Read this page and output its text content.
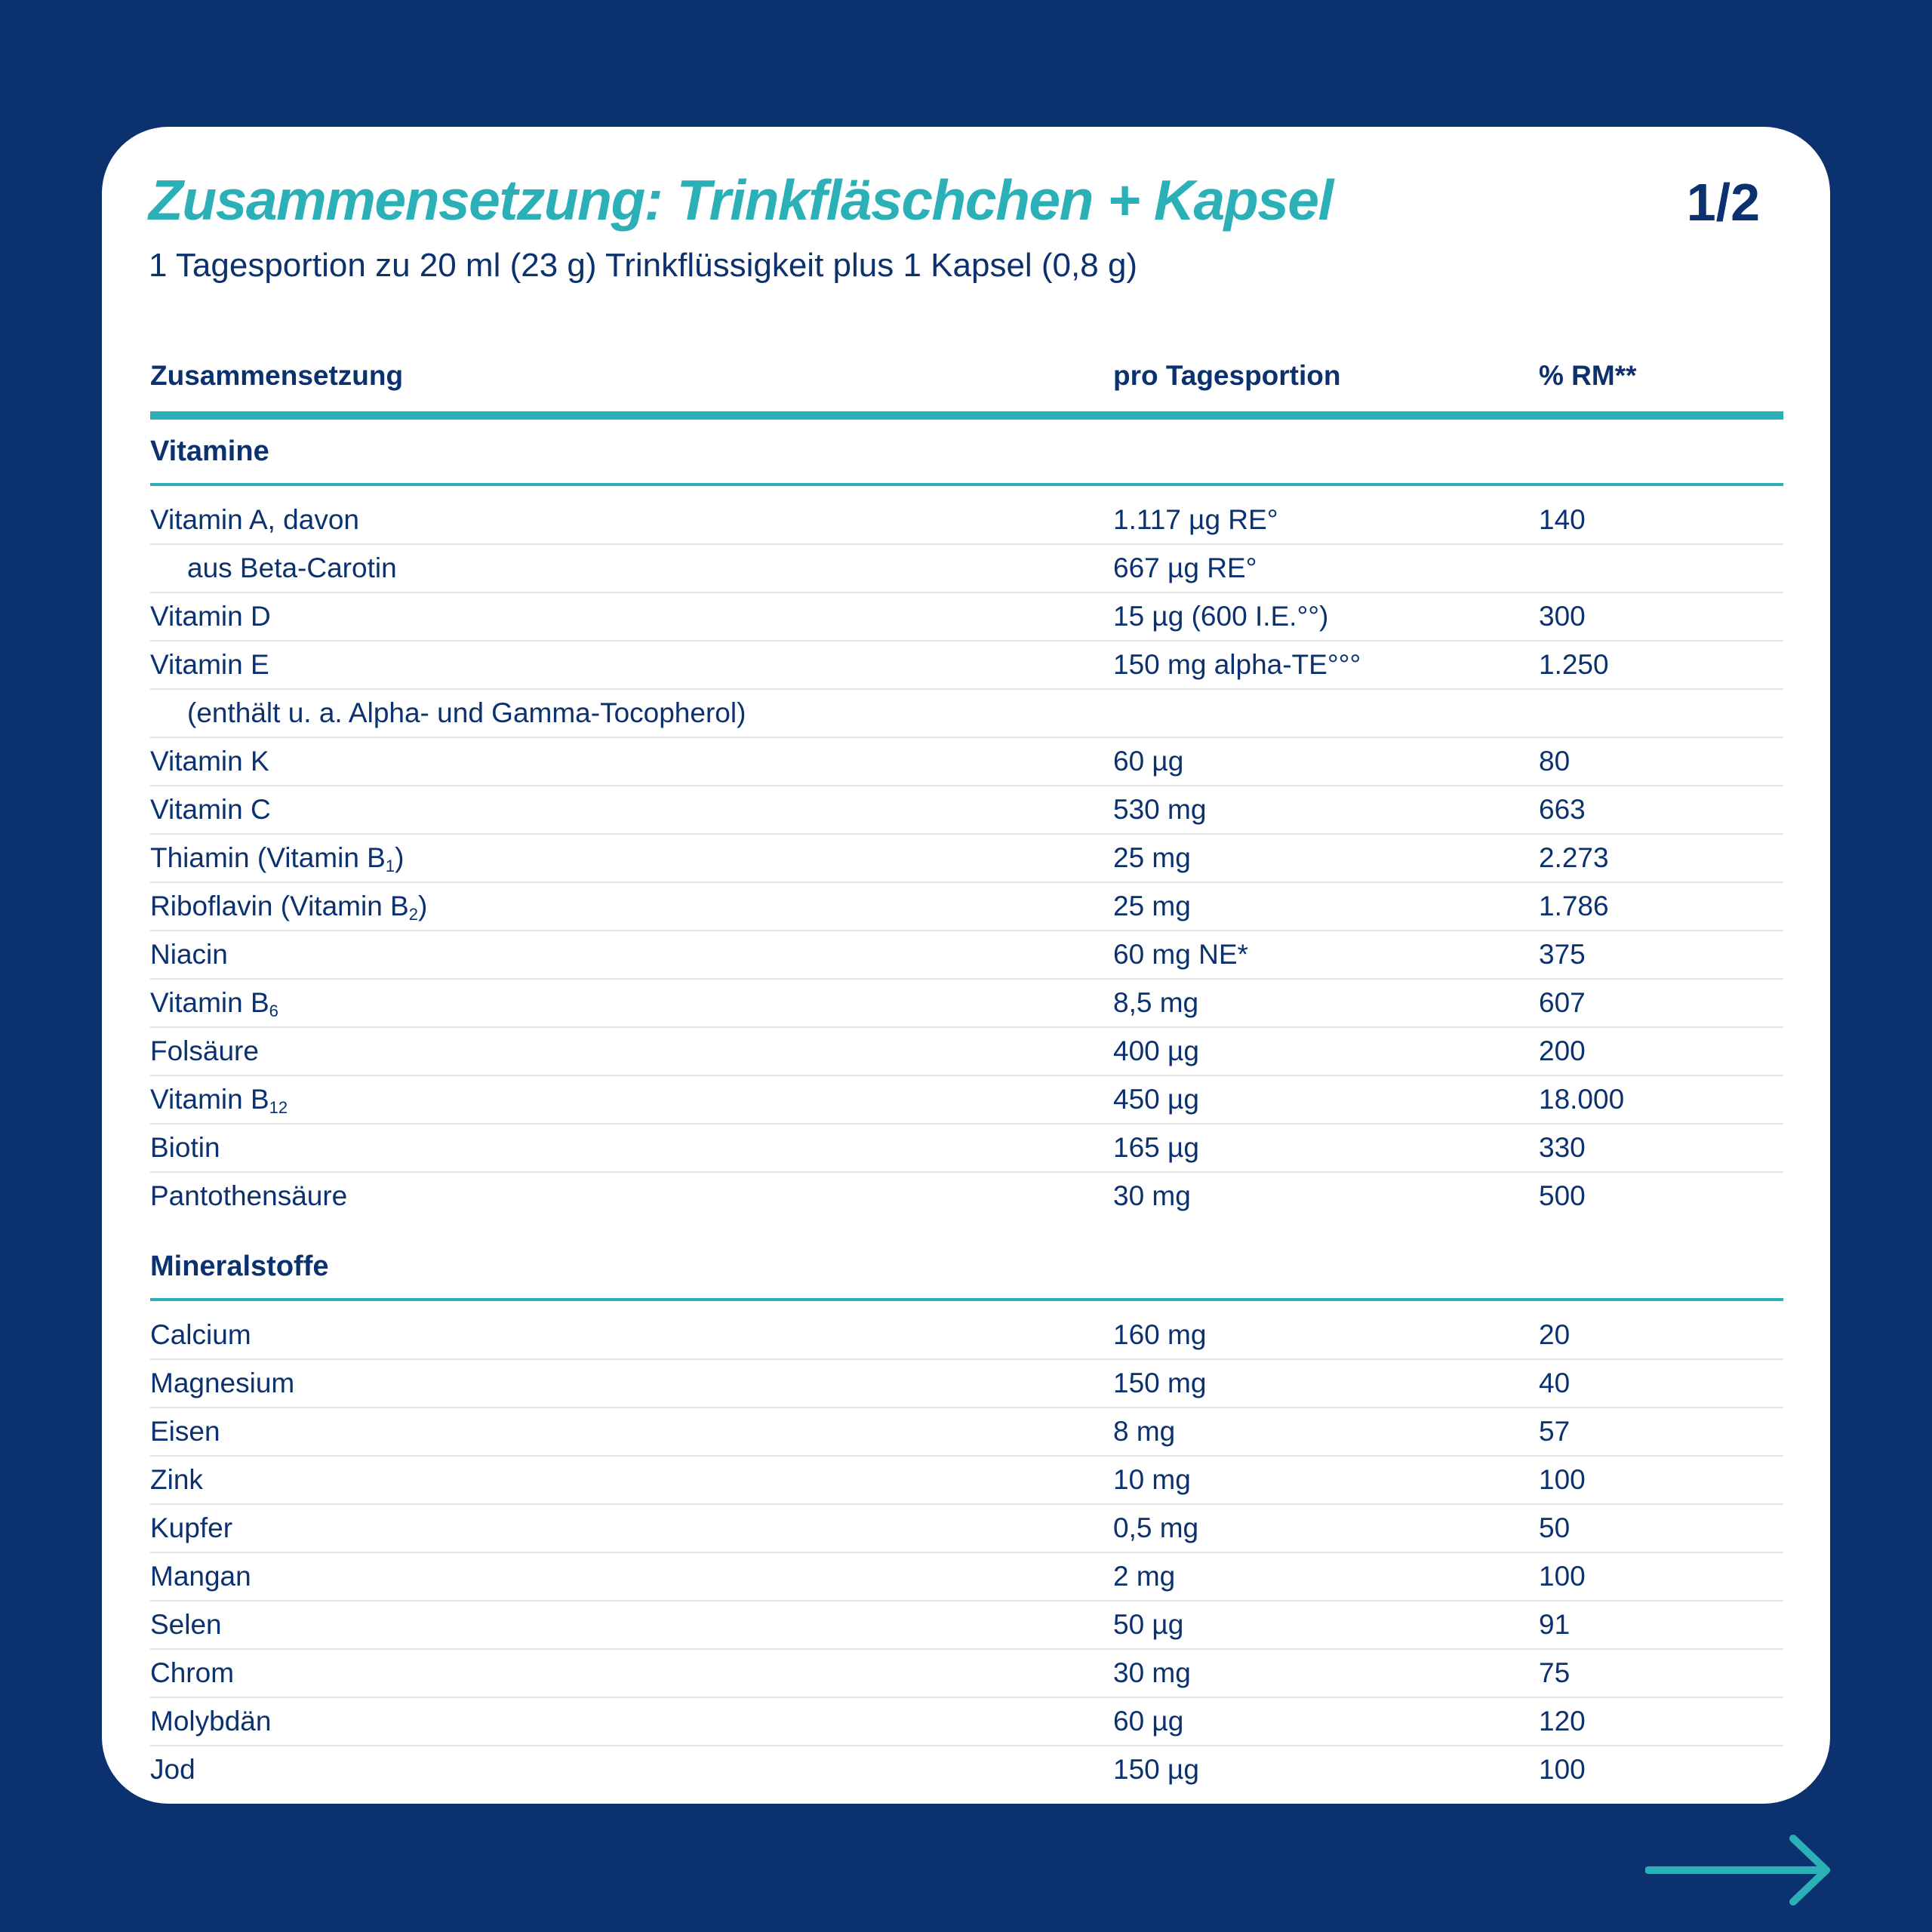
Zusammensetzung: Trinkfläschchen + Kapsel	1/2
1 Tagesportion zu 20 ml (23 g) Trinkflüssigkeit plus 1 Kapsel (0,8 g)
Zusammensetzung	pro Tagesportion	% RM**
Vitamine
Vitamin A, davon	1.117 µg RE°	140
aus Beta-Carotin	667 µg RE°
Vitamin D	15 µg (600 I.E.°°)	300
Vitamin E	150 mg alpha-TE°°°	1.250
(enthält u. a. Alpha- und Gamma-Tocopherol)
Vitamin K	60 µg	80
Vitamin C	530 mg	663
Thiamin (Vitamin $B_1$)	25 mg	2.273
Riboflavin (Vitamin $B_2$)	25 mg	1.786
Niacin	60 mg NE*	375
Vitamin $B_6$	8,5 mg	607
Folsäure	400 µg	200
Vitamin $B_{12}$	450 µg	18.000
Biotin	165 µg	330
Pantothensäure	30 mg	500
Mineralstoffe
Calcium	160 mg	20
Magnesium	150 mg	40
Eisen	8 mg	57
Zink	10 mg	100
Kupfer	0,5 mg	50
Mangan	2 mg	100
Selen	50 µg	91
Chrom	30 mg	75
Molybdän	60 µg	120
Jod	150 µg	100
